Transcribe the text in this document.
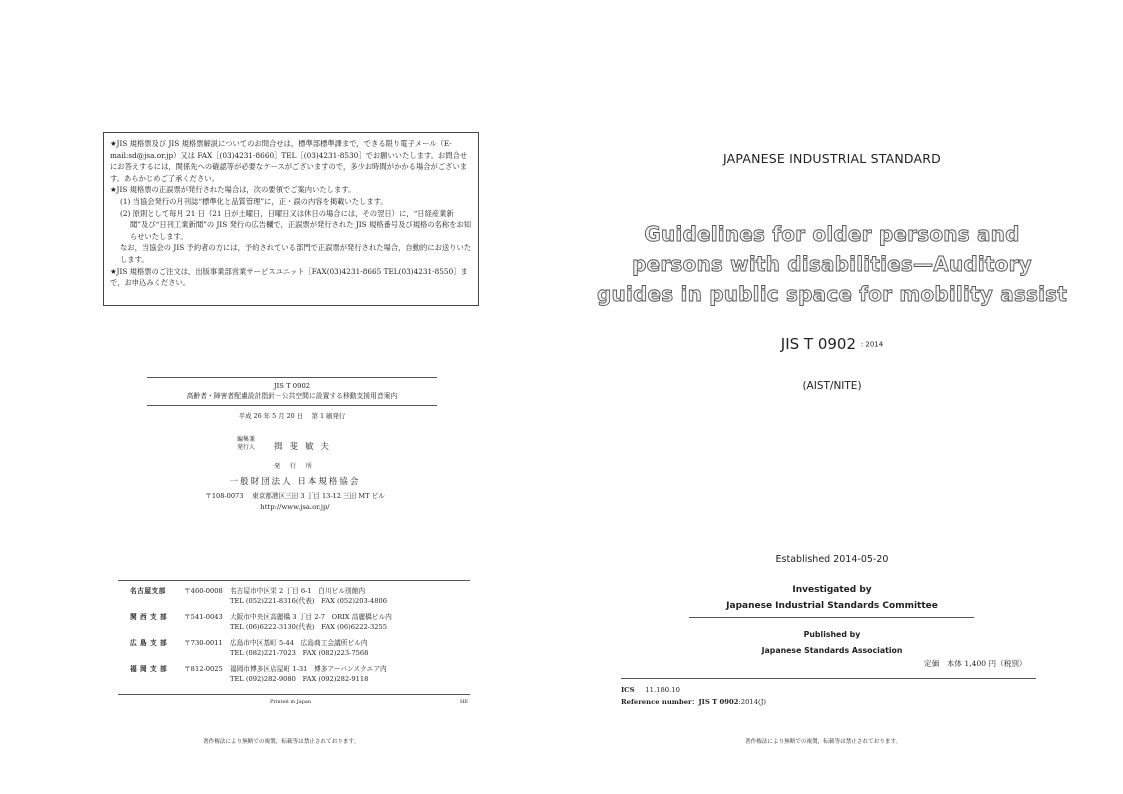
★JIS 規格票及び JIS 規格票解説についてのお問合せは，標準部標準課まで，できる限り電子メール（E-mail:sd@jsa.or.jp）又は FAX［(03)4231-8660］TEL［(03)4231-8530］でお願いいたします。お問合せにお答えするには，関係先への確認等が必要なケースがございますので，多少お時間がかかる場合がございます。あらかじめご了承ください。

★JIS 規格票の正誤票が発行された場合は，次の要領でご案内いたします。

(1) 当協会発行の月刊誌“標準化と品質管理”に，正・誤の内容を掲載いたします。

(2) 原則として毎月 21 日（21 日が土曜日，日曜日又は休日の場合には，その翌日）に，“日経産業新聞”及び“日刊工業新聞”の JIS 発行の広告欄で，正誤票が発行された JIS 規格番号及び規格の名称をお知らせいたします。

なお，当協会の JIS 予約者の方には，予約されている部門で正誤票が発行された場合，自動的にお送りいたします。

★JIS 規格票のご注文は，出版事業部営業サービスユニット［FAX(03)4231-8665 TEL(03)4231-8550］まで，お申込みください。

JIS T 0902
高齢者・障害者配慮設計指針－公共空間に設置する移動支援用音案内
平成 26 年 5 月 20 日　 第 1 刷発行
編集兼
発行人	揖斐敏夫
発 行 所
一般財団法人 日本規格協会
〒108-0073　 東京都港区三田 3 丁目 13-12 三田 MT ビル
http://www.jsa.or.jp/
名古屋支部	〒460-0008	名古屋市中区栄 2 丁目 6-1　白川ビル別館内
TEL (052)221-8316(代表)　FAX (052)203-4806
関 西 支 部	〒541-0043	大阪市中央区高麗橋 3 丁目 2-7　ORIX 高麗橋ビル内
TEL (06)6222-3130(代表)　FAX (06)6222-3255
広 島 支 部	〒730-0011	広島市中区基町 5-44　広島商工会議所ビル内
TEL (082)221-7023　FAX (082)223-7568
福 岡 支 部	〒812-0025	福岡市博多区店屋町 1-31　博多アーバンスクエア内
TEL (092)282-9080　FAX (092)282-9118
Printed in Japan	HE
著作権法により無断での複製，転載等は禁止されております。
JAPANESE INDUSTRIAL STANDARD
Guidelines for older persons and
persons with disabilities—Auditory
guides in public space for mobility assist
JIS T 0902 : 2014
(AIST/NITE)
Established 2014-05-20
Investigated by
Japanese Industrial Standards Committee
Published by
Japanese Standards Association
定価　本体 1,400 円（税別）
ICS 11.180.10
Reference number：JIS T 0902:2014(J)
著作権法により無断での複製，転載等は禁止されております。
